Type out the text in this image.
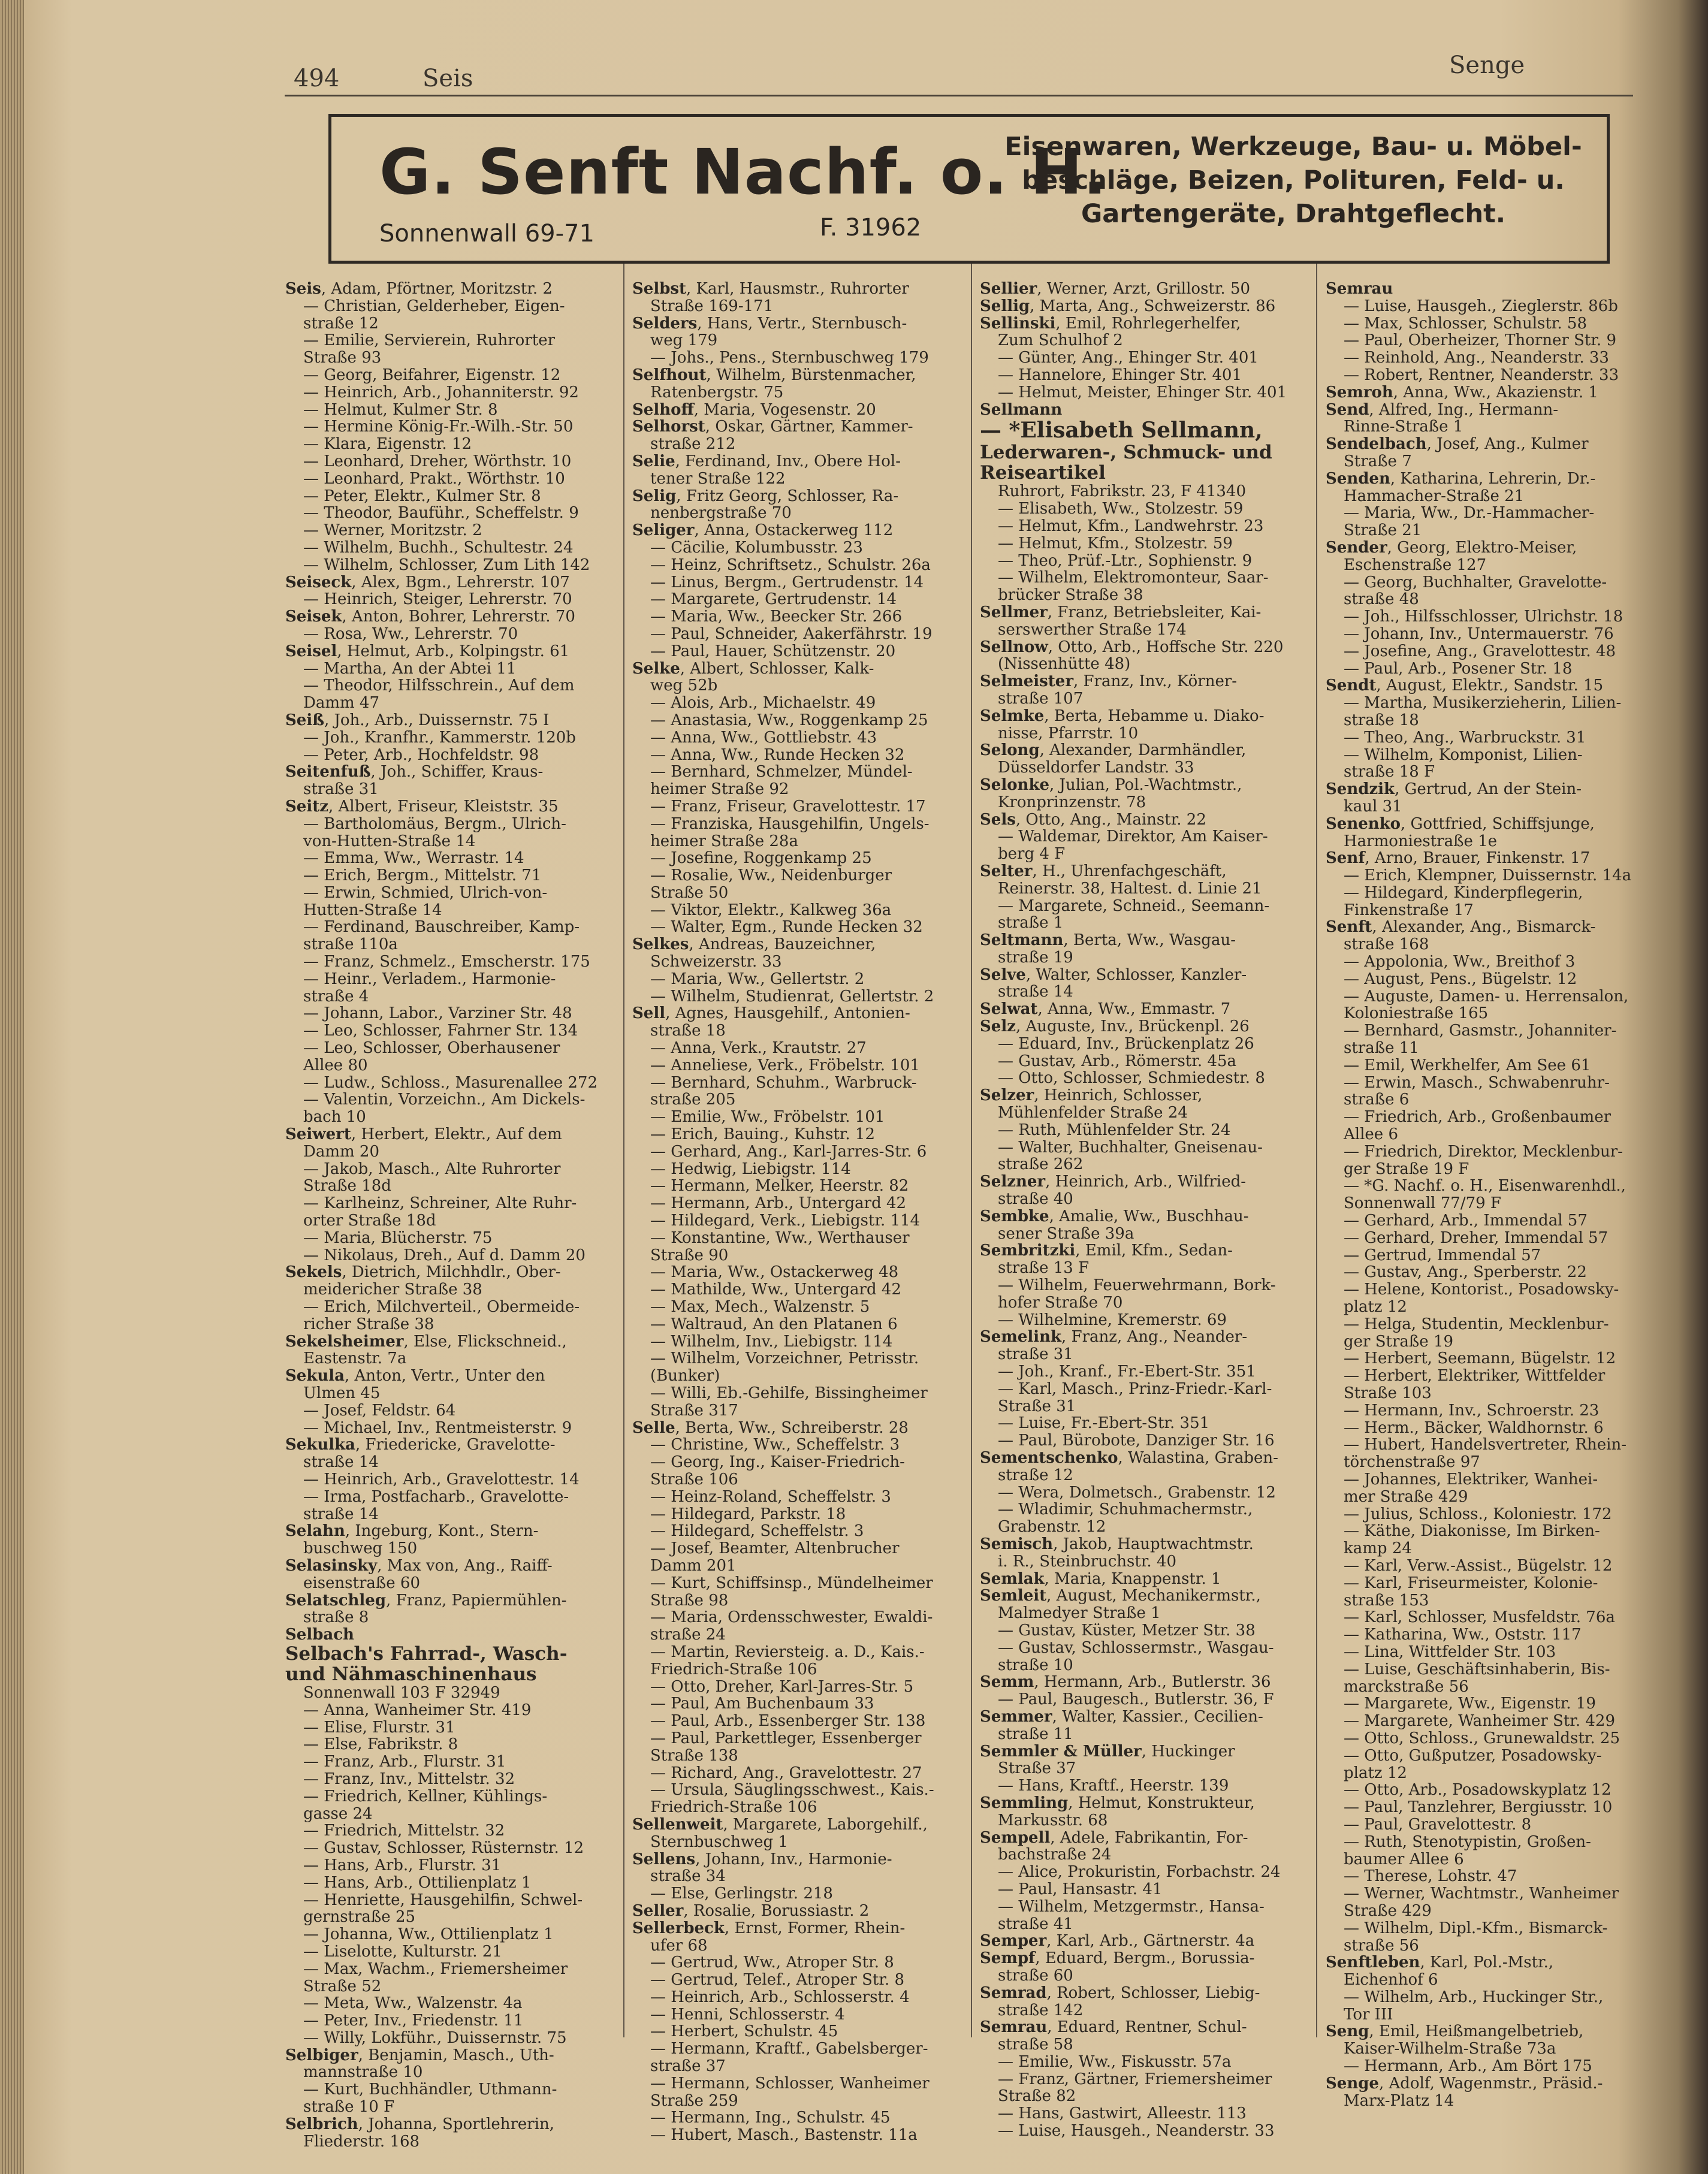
494	Seis	Senge
G. Senft Nachf. o. H.
Sonnenwall 69-71	F. 31962
Eisenwaren, Werkzeuge, Bau- u. Möbel-
beschläge, Beizen, Polituren, Feld- u.
Gartengeräte, Drahtgeflecht.
Seis, Adam, Pförtner, Moritzstr. 2
— Christian, Gelderheber, Eigen-
straße 12
— Emilie, Servierein, Ruhrorter
Straße 93
— Georg, Beifahrer, Eigenstr. 12
— Heinrich, Arb., Johanniterstr. 92
— Helmut, Kulmer Str. 8
— Hermine König-Fr.-Wilh.-Str. 50
— Klara, Eigenstr. 12
— Leonhard, Dreher, Wörthstr. 10
— Leonhard, Prakt., Wörthstr. 10
— Peter, Elektr., Kulmer Str. 8
— Theodor, Bauführ., Scheffelstr. 9
— Werner, Moritzstr. 2
— Wilhelm, Buchh., Schultestr. 24
— Wilhelm, Schlosser, Zum Lith 142
Seiseck, Alex, Bgm., Lehrerstr. 107
— Heinrich, Steiger, Lehrerstr. 70
Seisek, Anton, Bohrer, Lehrerstr. 70
— Rosa, Ww., Lehrerstr. 70
Seisel, Helmut, Arb., Kolpingstr. 61
— Martha, An der Abtei 11
— Theodor, Hilfsschrein., Auf dem
Damm 47
Seiß, Joh., Arb., Duissernstr. 75 I
— Joh., Kranfhr., Kammerstr. 120b
— Peter, Arb., Hochfeldstr. 98
Seitenfuß, Joh., Schiffer, Kraus-
straße 31
Seitz, Albert, Friseur, Kleiststr. 35
— Bartholomäus, Bergm., Ulrich-
von-Hutten-Straße 14
— Emma, Ww., Werrastr. 14
— Erich, Bergm., Mittelstr. 71
— Erwin, Schmied, Ulrich-von-
Hutten-Straße 14
— Ferdinand, Bauschreiber, Kamp-
straße 110a
— Franz, Schmelz., Emscherstr. 175
— Heinr., Verladem., Harmonie-
straße 4
— Johann, Labor., Varziner Str. 48
— Leo, Schlosser, Fahrner Str. 134
— Leo, Schlosser, Oberhausener
Allee 80
— Ludw., Schloss., Masurenallee 272
— Valentin, Vorzeichn., Am Dickels-
bach 10
Seiwert, Herbert, Elektr., Auf dem
Damm 20
— Jakob, Masch., Alte Ruhrorter
Straße 18d
— Karlheinz, Schreiner, Alte Ruhr-
orter Straße 18d
— Maria, Blücherstr. 75
— Nikolaus, Dreh., Auf d. Damm 20
Sekels, Dietrich, Milchhdlr., Ober-
meidericher Straße 38
— Erich, Milchverteil., Obermeide-
richer Straße 38
Sekelsheimer, Else, Flickschneid.,
Eastenstr. 7a
Sekula, Anton, Vertr., Unter den
Ulmen 45
— Josef, Feldstr. 64
— Michael, Inv., Rentmeisterstr. 9
Sekulka, Friedericke, Gravelotte-
straße 14
— Heinrich, Arb., Gravelottestr. 14
— Irma, Postfacharb., Gravelotte-
straße 14
Selahn, Ingeburg, Kont., Stern-
buschweg 150
Selasinsky, Max von, Ang., Raiff-
eisenstraße 60
Selatschleg, Franz, Papiermühlen-
straße 8
Selbach
Selbach's Fahrrad-, Wasch-
und Nähmaschinenhaus
Sonnenwall 103 F 32949
— Anna, Wanheimer Str. 419
— Elise, Flurstr. 31
— Else, Fabrikstr. 8
— Franz, Arb., Flurstr. 31
— Franz, Inv., Mittelstr. 32
— Friedrich, Kellner, Kühlings-
gasse 24
— Friedrich, Mittelstr. 32
— Gustav, Schlosser, Rüsternstr. 12
— Hans, Arb., Flurstr. 31
— Hans, Arb., Ottilienplatz 1
— Henriette, Hausgehilfin, Schwel-
gernstraße 25
— Johanna, Ww., Ottilienplatz 1
— Liselotte, Kulturstr. 21
— Max, Wachm., Friemersheimer
Straße 52
— Meta, Ww., Walzenstr. 4a
— Peter, Inv., Friedenstr. 11
— Willy, Lokführ., Duissernstr. 75
Selbiger, Benjamin, Masch., Uth-
mannstraße 10
— Kurt, Buchhändler, Uthmann-
straße 10 F
Selbrich, Johanna, Sportlehrerin,
Fliederstr. 168
Selbst, Karl, Hausmstr., Ruhrorter
Straße 169-171
Selders, Hans, Vertr., Sternbusch-
weg 179
— Johs., Pens., Sternbuschweg 179
Selfhout, Wilhelm, Bürstenmacher,
Ratenbergstr. 75
Selhoff, Maria, Vogesenstr. 20
Selhorst, Oskar, Gärtner, Kammer-
straße 212
Selie, Ferdinand, Inv., Obere Hol-
tener Straße 122
Selig, Fritz Georg, Schlosser, Ra-
nenbergstraße 70
Seliger, Anna, Ostackerweg 112
— Cäcilie, Kolumbusstr. 23
— Heinz, Schriftsetz., Schulstr. 26a
— Linus, Bergm., Gertrudenstr. 14
— Margarete, Gertrudenstr. 14
— Maria, Ww., Beecker Str. 266
— Paul, Schneider, Aakerfährstr. 19
— Paul, Hauer, Schützenstr. 20
Selke, Albert, Schlosser, Kalk-
weg 52b
— Alois, Arb., Michaelstr. 49
— Anastasia, Ww., Roggenkamp 25
— Anna, Ww., Gottliebstr. 43
— Anna, Ww., Runde Hecken 32
— Bernhard, Schmelzer, Mündel-
heimer Straße 92
— Franz, Friseur, Gravelottestr. 17
— Franziska, Hausgehilfin, Ungels-
heimer Straße 28a
— Josefine, Roggenkamp 25
— Rosalie, Ww., Neidenburger
Straße 50
— Viktor, Elektr., Kalkweg 36a
— Walter, Egm., Runde Hecken 32
Selkes, Andreas, Bauzeichner,
Schweizerstr. 33
— Maria, Ww., Gellertstr. 2
— Wilhelm, Studienrat, Gellertstr. 2
Sell, Agnes, Hausgehilf., Antonien-
straße 18
— Anna, Verk., Krautstr. 27
— Anneliese, Verk., Fröbelstr. 101
— Bernhard, Schuhm., Warbruck-
straße 205
— Emilie, Ww., Fröbelstr. 101
— Erich, Bauing., Kuhstr. 12
— Gerhard, Ang., Karl-Jarres-Str. 6
— Hedwig, Liebigstr. 114
— Hermann, Melker, Heerstr. 82
— Hermann, Arb., Untergard 42
— Hildegard, Verk., Liebigstr. 114
— Konstantine, Ww., Werthauser
Straße 90
— Maria, Ww., Ostackerweg 48
— Mathilde, Ww., Untergard 42
— Max, Mech., Walzenstr. 5
— Waltraud, An den Platanen 6
— Wilhelm, Inv., Liebigstr. 114
— Wilhelm, Vorzeichner, Petrisstr.
(Bunker)
— Willi, Eb.-Gehilfe, Bissingheimer
Straße 317
Selle, Berta, Ww., Schreiberstr. 28
— Christine, Ww., Scheffelstr. 3
— Georg, Ing., Kaiser-Friedrich-
Straße 106
— Heinz-Roland, Scheffelstr. 3
— Hildegard, Parkstr. 18
— Hildegard, Scheffelstr. 3
— Josef, Beamter, Altenbrucher
Damm 201
— Kurt, Schiffsinsp., Mündelheimer
Straße 98
— Maria, Ordensschwester, Ewaldi-
straße 24
— Martin, Reviersteig. a. D., Kais.-
Friedrich-Straße 106
— Otto, Dreher, Karl-Jarres-Str. 5
— Paul, Am Buchenbaum 33
— Paul, Arb., Essenberger Str. 138
— Paul, Parkettleger, Essenberger
Straße 138
— Richard, Ang., Gravelottestr. 27
— Ursula, Säuglingsschwest., Kais.-
Friedrich-Straße 106
Sellenweit, Margarete, Laborgehilf.,
Sternbuschweg 1
Sellens, Johann, Inv., Harmonie-
straße 34
— Else, Gerlingstr. 218
Seller, Rosalie, Borussiastr. 2
Sellerbeck, Ernst, Former, Rhein-
ufer 68
— Gertrud, Ww., Atroper Str. 8
— Gertrud, Telef., Atroper Str. 8
— Heinrich, Arb., Schlosserstr. 4
— Henni, Schlosserstr. 4
— Herbert, Schulstr. 45
— Hermann, Kraftf., Gabelsberger-
straße 37
— Hermann, Schlosser, Wanheimer
Straße 259
— Hermann, Ing., Schulstr. 45
— Hubert, Masch., Bastenstr. 11a
Sellier, Werner, Arzt, Grillostr. 50
Sellig, Marta, Ang., Schweizerstr. 86
Sellinski, Emil, Rohrlegerhelfer,
Zum Schulhof 2
— Günter, Ang., Ehinger Str. 401
— Hannelore, Ehinger Str. 401
— Helmut, Meister, Ehinger Str. 401
Sellmann
— *Elisabeth Sellmann,
Lederwaren-, Schmuck- und
Reiseartikel
Ruhrort, Fabrikstr. 23, F 41340
— Elisabeth, Ww., Stolzestr. 59
— Helmut, Kfm., Landwehrstr. 23
— Helmut, Kfm., Stolzestr. 59
— Theo, Prüf.-Ltr., Sophienstr. 9
— Wilhelm, Elektromonteur, Saar-
brücker Straße 38
Sellmer, Franz, Betriebsleiter, Kai-
serswerther Straße 174
Sellnow, Otto, Arb., Hoffsche Str. 220
(Nissenhütte 48)
Selmeister, Franz, Inv., Körner-
straße 107
Selmke, Berta, Hebamme u. Diako-
nisse, Pfarrstr. 10
Selong, Alexander, Darmhändler,
Düsseldorfer Landstr. 33
Selonke, Julian, Pol.-Wachtmstr.,
Kronprinzenstr. 78
Sels, Otto, Ang., Mainstr. 22
— Waldemar, Direktor, Am Kaiser-
berg 4 F
Selter, H., Uhrenfachgeschäft,
Reinerstr. 38, Haltest. d. Linie 21
— Margarete, Schneid., Seemann-
straße 1
Seltmann, Berta, Ww., Wasgau-
straße 19
Selve, Walter, Schlosser, Kanzler-
straße 14
Selwat, Anna, Ww., Emmastr. 7
Selz, Auguste, Inv., Brückenpl. 26
— Eduard, Inv., Brückenplatz 26
— Gustav, Arb., Römerstr. 45a
— Otto, Schlosser, Schmiedestr. 8
Selzer, Heinrich, Schlosser,
Mühlenfelder Straße 24
— Ruth, Mühlenfelder Str. 24
— Walter, Buchhalter, Gneisenau-
straße 262
Selzner, Heinrich, Arb., Wilfried-
straße 40
Sembke, Amalie, Ww., Buschhau-
sener Straße 39a
Sembritzki, Emil, Kfm., Sedan-
straße 13 F
— Wilhelm, Feuerwehrmann, Bork-
hofer Straße 70
— Wilhelmine, Kremerstr. 69
Semelink, Franz, Ang., Neander-
straße 31
— Joh., Kranf., Fr.-Ebert-Str. 351
— Karl, Masch., Prinz-Friedr.-Karl-
Straße 31
— Luise, Fr.-Ebert-Str. 351
— Paul, Bürobote, Danziger Str. 16
Sementschenko, Walastina, Graben-
straße 12
— Wera, Dolmetsch., Grabenstr. 12
— Wladimir, Schuhmachermstr.,
Grabenstr. 12
Semisch, Jakob, Hauptwachtmstr.
i. R., Steinbruchstr. 40
Semlak, Maria, Knappenstr. 1
Semleit, August, Mechanikermstr.,
Malmedyer Straße 1
— Gustav, Küster, Metzer Str. 38
— Gustav, Schlossermstr., Wasgau-
straße 10
Semm, Hermann, Arb., Butlerstr. 36
— Paul, Baugesch., Butlerstr. 36, F
Semmer, Walter, Kassier., Cecilien-
straße 11
Semmler & Müller, Huckinger
Straße 37
— Hans, Kraftf., Heerstr. 139
Semmling, Helmut, Konstrukteur,
Markusstr. 68
Sempell, Adele, Fabrikantin, For-
bachstraße 24
— Alice, Prokuristin, Forbachstr. 24
— Paul, Hansastr. 41
— Wilhelm, Metzgermstr., Hansa-
straße 41
Semper, Karl, Arb., Gärtnerstr. 4a
Sempf, Eduard, Bergm., Borussia-
straße 60
Semrad, Robert, Schlosser, Liebig-
straße 142
Semrau, Eduard, Rentner, Schul-
straße 58
— Emilie, Ww., Fiskusstr. 57a
— Franz, Gärtner, Friemersheimer
Straße 82
— Hans, Gastwirt, Alleestr. 113
— Luise, Hausgeh., Neanderstr. 33
Semrau
— Luise, Hausgeh., Zieglerstr. 86b
— Max, Schlosser, Schulstr. 58
— Paul, Oberheizer, Thorner Str. 9
— Reinhold, Ang., Neanderstr. 33
— Robert, Rentner, Neanderstr. 33
Semroh, Anna, Ww., Akazienstr. 1
Send, Alfred, Ing., Hermann-
Rinne-Straße 1
Sendelbach, Josef, Ang., Kulmer
Straße 7
Senden, Katharina, Lehrerin, Dr.-
Hammacher-Straße 21
— Maria, Ww., Dr.-Hammacher-
Straße 21
Sender, Georg, Elektro-Meiser,
Eschenstraße 127
— Georg, Buchhalter, Gravelotte-
straße 48
— Joh., Hilfsschlosser, Ulrichstr. 18
— Johann, Inv., Untermauerstr. 76
— Josefine, Ang., Gravelottestr. 48
— Paul, Arb., Posener Str. 18
Sendt, August, Elektr., Sandstr. 15
— Martha, Musikerzieherin, Lilien-
straße 18
— Theo, Ang., Warbruckstr. 31
— Wilhelm, Komponist, Lilien-
straße 18 F
Sendzik, Gertrud, An der Stein-
kaul 31
Senenko, Gottfried, Schiffsjunge,
Harmoniestraße 1e
Senf, Arno, Brauer, Finkenstr. 17
— Erich, Klempner, Duissernstr. 14a
— Hildegard, Kinderpflegerin,
Finkenstraße 17
Senft, Alexander, Ang., Bismarck-
straße 168
— Appolonia, Ww., Breithof 3
— August, Pens., Bügelstr. 12
— Auguste, Damen- u. Herrensalon,
Koloniestraße 165
— Bernhard, Gasmstr., Johanniter-
straße 11
— Emil, Werkhelfer, Am See 61
— Erwin, Masch., Schwabenruhr-
straße 6
— Friedrich, Arb., Großenbaumer
Allee 6
— Friedrich, Direktor, Mecklenbur-
ger Straße 19 F
— *G. Nachf. o. H., Eisenwarenhdl.,
Sonnenwall 77/79 F
— Gerhard, Arb., Immendal 57
— Gerhard, Dreher, Immendal 57
— Gertrud, Immendal 57
— Gustav, Ang., Sperberstr. 22
— Helene, Kontorist., Posadowsky-
platz 12
— Helga, Studentin, Mecklenbur-
ger Straße 19
— Herbert, Seemann, Bügelstr. 12
— Herbert, Elektriker, Wittfelder
Straße 103
— Hermann, Inv., Schroerstr. 23
— Herm., Bäcker, Waldhornstr. 6
— Hubert, Handelsvertreter, Rhein-
törchenstraße 97
— Johannes, Elektriker, Wanhei-
mer Straße 429
— Julius, Schloss., Koloniestr. 172
— Käthe, Diakonisse, Im Birken-
kamp 24
— Karl, Verw.-Assist., Bügelstr. 12
— Karl, Friseurmeister, Kolonie-
straße 153
— Karl, Schlosser, Musfeldstr. 76a
— Katharina, Ww., Oststr. 117
— Lina, Wittfelder Str. 103
— Luise, Geschäftsinhaberin, Bis-
marckstraße 56
— Margarete, Ww., Eigenstr. 19
— Margarete, Wanheimer Str. 429
— Otto, Schloss., Grunewaldstr. 25
— Otto, Gußputzer, Posadowsky-
platz 12
— Otto, Arb., Posadowskyplatz 12
— Paul, Tanzlehrer, Bergiusstr. 10
— Paul, Gravelottestr. 8
— Ruth, Stenotypistin, Großen-
baumer Allee 6
— Therese, Lohstr. 47
— Werner, Wachtmstr., Wanheimer
Straße 429
— Wilhelm, Dipl.-Kfm., Bismarck-
straße 56
Senftleben, Karl, Pol.-Mstr.,
Eichenhof 6
— Wilhelm, Arb., Huckinger Str.,
Tor III
Seng, Emil, Heißmangelbetrieb,
Kaiser-Wilhelm-Straße 73a
— Hermann, Arb., Am Bört 175
Senge, Adolf, Wagenmstr., Präsid.-
Marx-Platz 14
